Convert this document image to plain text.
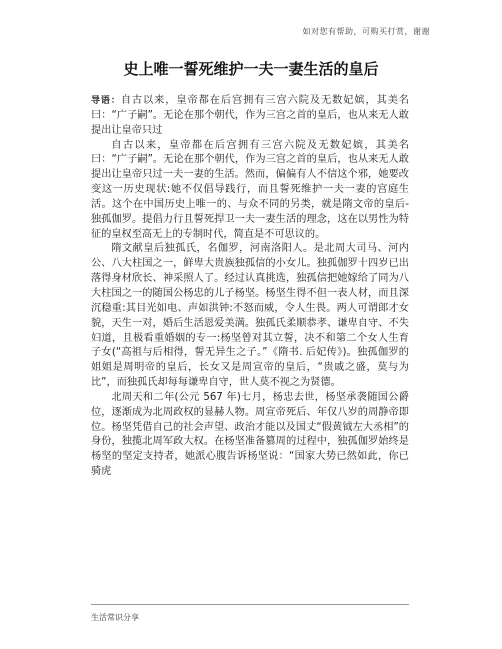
如对您有帮助，可购买打赏，谢谢
史上唯一誓死维护一夫一妻生活的皇后

导语：自古以来，皇帝都在后宫拥有三宫六院及无数妃嫔，其美名曰：“广子嗣”。无论在那个朝代，作为三宫之首的皇后，也从来无人敢提出让皇帝只过

自古以来，皇帝都在后宫拥有三宫六院及无数妃嫔，其美名曰：“广子嗣”。无论在那个朝代，作为三宫之首的皇后，也从来无人敢提出让皇帝只过一夫一妻的生活。然而，偏偏有人不信这个邪，她要改变这一历史现状:她不仅倡导践行，而且誓死维护一夫一妻的宫庭生活。这个在中国历史上唯一的、与众不同的另类，就是隋文帝的皇后-独孤伽罗。提倡力行且誓死捍卫一夫一妻生活的理念，这在以男性为特征的皇权至高无上的专制时代，简直是不可思议的。

隋文献皇后独孤氏，名伽罗，河南洛阳人。是北周大司马、河内公、八大柱国之一，鲜卑大贵族独孤信的小女儿。独孤伽罗十四岁已出落得身材欣长、神采照人了。经过认真挑选，独孤信把她嫁给了同为八大柱国之一的随国公杨忠的儿子杨坚。杨坚生得不但一表人材，而且深沉稳重:其目光如电、声如洪钟:不怒而威，令人生畏。两人可谓郎才女貌，天生一对，婚后生活恩爱美满。独孤氏柔顺恭孝、谦卑自守、不失妇道，且极看重婚姻的专一:杨坚曾对其立誓，决不和第二个女人生育子女(“高祖与后相得，誓无异生之子。”《隋书. 后妃传》)。独孤伽罗的姐姐是周明帝的皇后，长女又是周宣帝的皇后，“贵戚之盛，莫与为比”，而独孤氏却每每谦卑自守，世人莫不视之为贤德。

北周天和二年(公元 567 年)七月，杨忠去世，杨坚承袭随国公爵位，逐渐成为北周政权的显赫人物。周宣帝死后、年仅八岁的周静帝即位。杨坚凭借自己的社会声望、政治才能以及国丈“假黄钺左大丞相”的身份，独揽北周军政大权。在杨坚准备篡周的过程中，独孤伽罗始终是杨坚的坚定支持者，她派心腹告诉杨坚说：“国家大势已然如此，你已骑虎

生活常识分享
